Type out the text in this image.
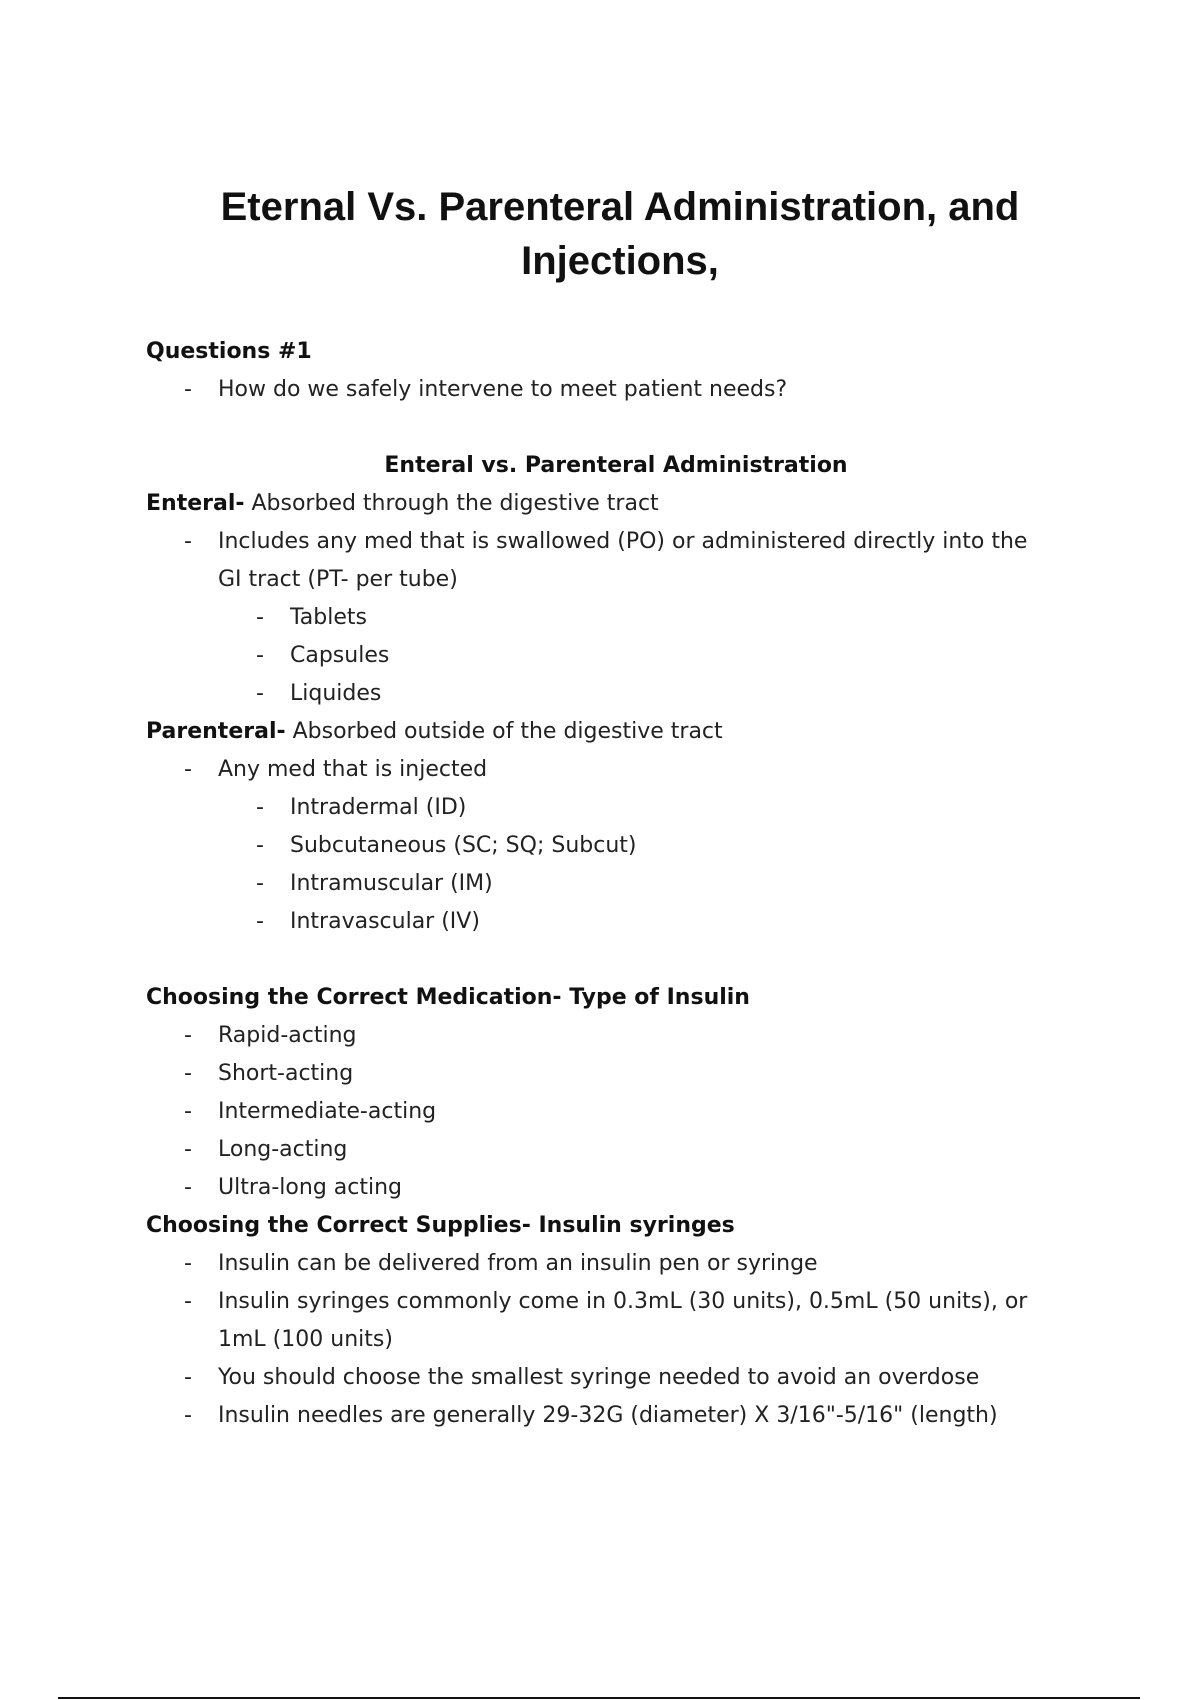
Eternal Vs. Parenteral Administration, and Injections,

Questions #1

- How do we safely intervene to meet patient needs?

Enteral vs. Parenteral Administration

Enteral- Absorbed through the digestive tract

- Includes any med that is swallowed (PO) or administered directly into the GI tract (PT- per tube)

- Tablets

- Capsules

- Liquides

Parenteral- Absorbed outside of the digestive tract

- Any med that is injected

- Intradermal (ID)

- Subcutaneous (SC; SQ; Subcut)

- Intramuscular (IM)

- Intravascular (IV)

Choosing the Correct Medication- Type of Insulin

- Rapid-acting

- Short-acting

- Intermediate-acting

- Long-acting

- Ultra-long acting

Choosing the Correct Supplies- Insulin syringes

- Insulin can be delivered from an insulin pen or syringe

- Insulin syringes commonly come in 0.3mL (30 units), 0.5mL (50 units), or 1mL (100 units)

- You should choose the smallest syringe needed to avoid an overdose

- Insulin needles are generally 29-32G (diameter) X 3/16"-5/16" (length)
